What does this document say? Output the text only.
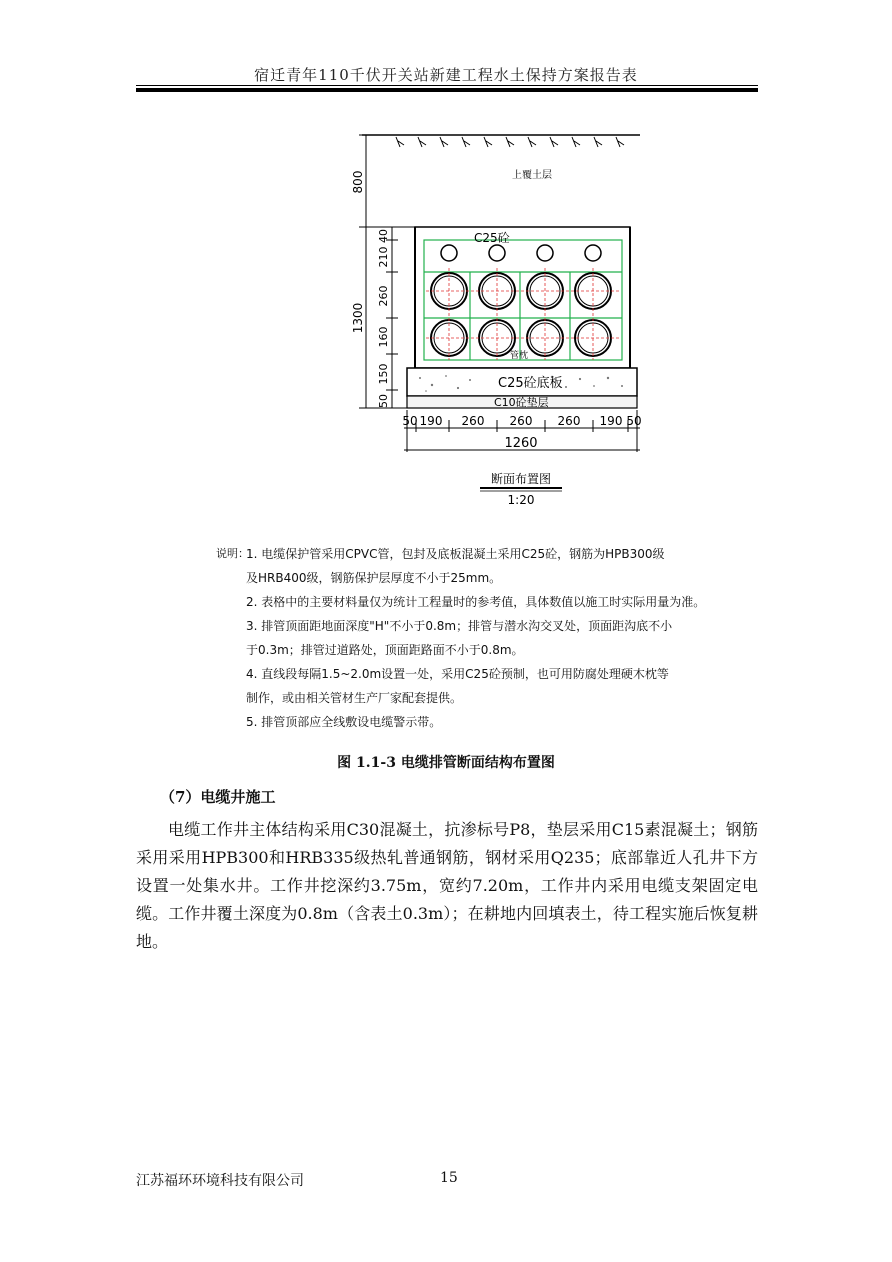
宿迁青年110千伏开关站新建工程水土保持方案报告表
上覆土层
C25砼
管枕
C25砼底板
C10砼垫层
800
1300
40
210
260
160
150
50
50 190 260 260 260 190 50
1260
断面布置图
1:20
说明：
1. 电缆保护管采用CPVC管，包封及底板混凝土采用C25砼，钢筋为HPB300级
及HRB400级，钢筋保护层厚度不小于25mm。
2. 表格中的主要材料量仅为统计工程量时的参考值，具体数值以施工时实际用量为准。
3. 排管顶面距地面深度"H"不小于0.8m；排管与潜水沟交叉处，顶面距沟底不小
于0.3m；排管过道路处，顶面距路面不小于0.8m。
4. 直线段每隔1.5~2.0m设置一处，采用C25砼预制，也可用防腐处理硬木枕等
制作，或由相关管材生产厂家配套提供。
5. 排管顶部应全线敷设电缆警示带。
图 1.1-3 电缆排管断面结构布置图
（7）电缆井施工

电缆工作井主体结构采用C30混凝土，抗渗标号P8，垫层采用C15素混凝土；钢筋采用采用HPB300和HRB335级热轧普通钢筋，钢材采用Q235；底部靠近人孔井下方设置一处集水井。工作井挖深约3.75m，宽约7.20m，工作井内采用电缆支架固定电缆。工作井覆土深度为0.8m（含表土0.3m）；在耕地内回填表土，待工程实施后恢复耕地。

江苏福环环境科技有限公司	15
